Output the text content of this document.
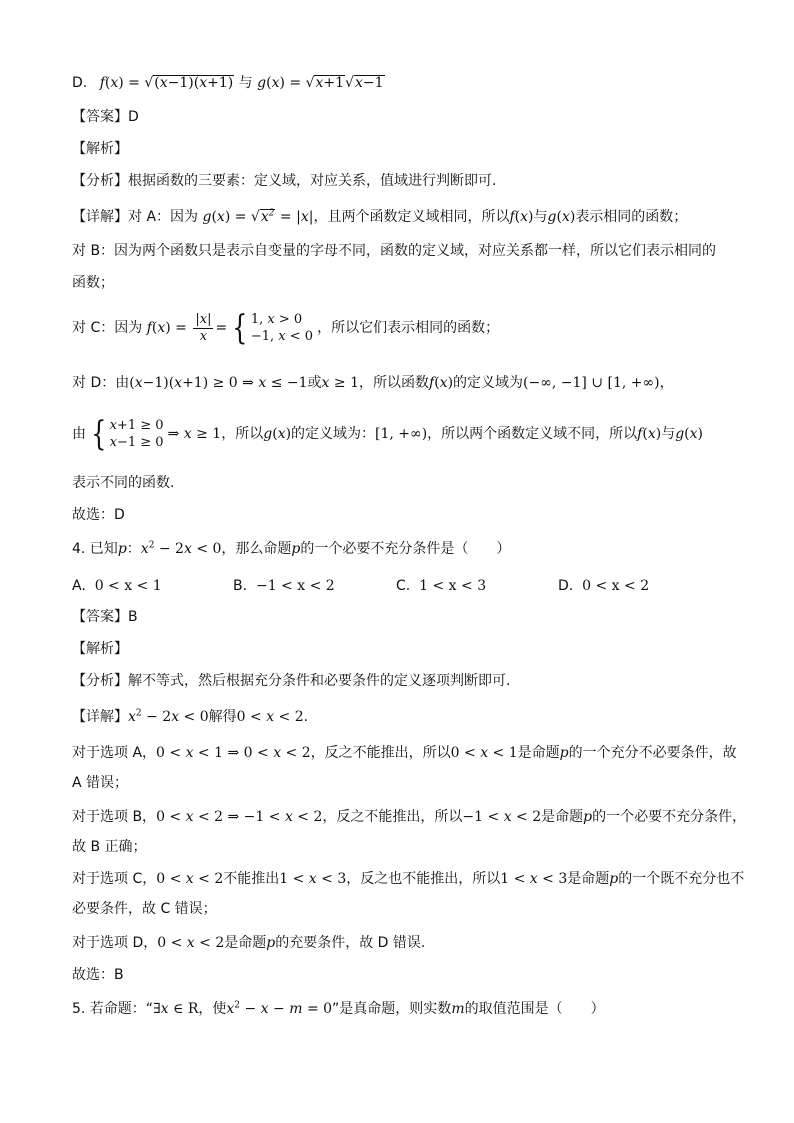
D. f(x) = √(x−1)(x+1) 与 g(x) = √x+1√x−1
【答案】D
【解析】
【分析】根据函数的三要素：定义域，对应关系，值域进行判断即可.
【详解】对 A：因为 $g(x) = √x^2 = |x|$，且两个函数定义域相同，所以f(x)与g(x)表示相同的函数；
对 B：因为两个函数只是表示自变量的字母不同，函数的定义域，对应关系都一样，所以它们表示相同的
函数；
对 C：因为 $f(x) = \frac{|x|}{x}$ = { 1, x > 0
−1, x < 0
，所以它们表示相同的函数；
对 D：由(x−1)(x+1) ≥ 0 ⇒ x ≤ −1或x ≥ 1，所以函数f(x)的定义域为(−∞, −1] ∪ [1, +∞)，
由 { x+1 ≥ 0
x−1 ≥ 0
⇒ x ≥ 1，所以g(x)的定义域为：[1, +∞)，所以两个函数定义域不同，所以f(x)与g(x)
表示不同的函数.
故选：D
4. 已知p：$x^2 - 2x < 0$，那么命题p的一个必要不充分条件是（　　）
A. 0 < x < 1	B. −1 < x < 2	C. 1 < x < 3	D. 0 < x < 2
【答案】B
【解析】
【分析】解不等式，然后根据充分条件和必要条件的定义逐项判断即可.
【详解】$x^2 - 2x < 0$解得0 < x < 2.
对于选项 A，0 < x < 1 ⇒ 0 < x < 2，反之不能推出，所以0 < x < 1是命题p的一个充分不必要条件，故
A 错误；
对于选项 B，0 < x < 2 ⇒ −1 < x < 2，反之不能推出，所以−1 < x < 2是命题p的一个必要不充分条件，
故 B 正确；
对于选项 C，0 < x < 2不能推出1 < x < 3，反之也不能推出，所以1 < x < 3是命题p的一个既不充分也不
必要条件，故 C 错误；
对于选项 D，0 < x < 2是命题p的充要条件，故 D 错误.
故选：B
5. 若命题：“∃x ∈ R，使$x^2 - x - m = 0$”是真命题，则实数m的取值范围是（　　）
